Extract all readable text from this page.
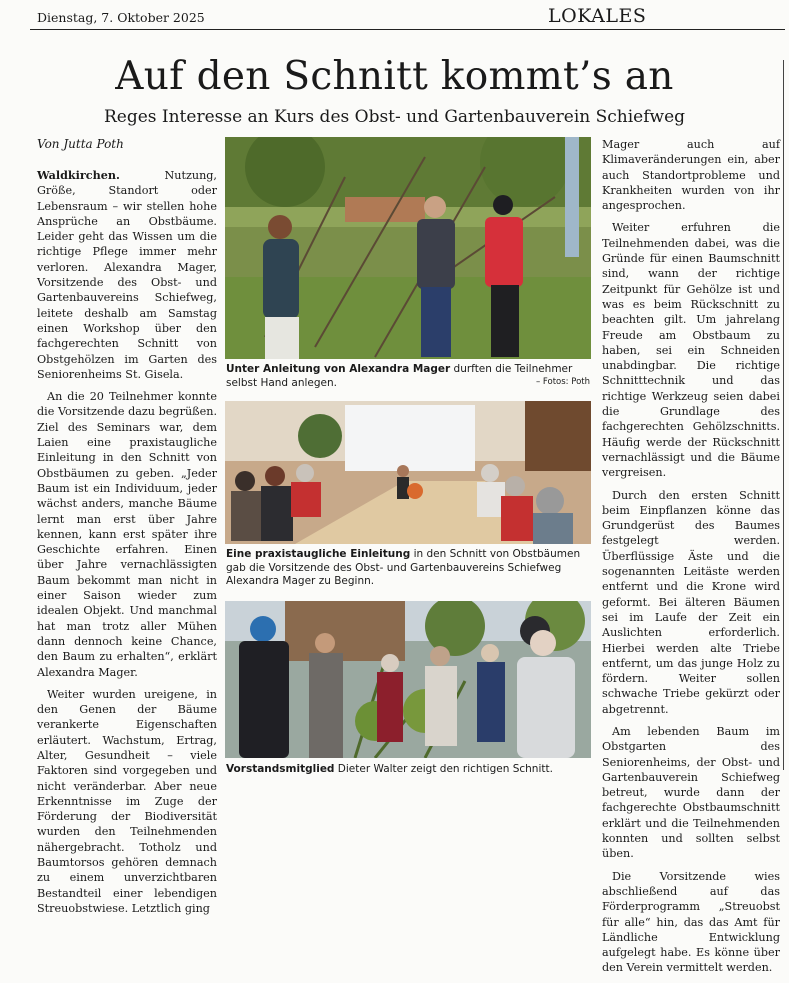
Dienstag, 7. Oktober 2025	LOKALES
Auf den Schnitt kommt’s an
Reges Interesse an Kurs des Obst- und Gartenbauverein Schiefweg
Von Jutta Poth

Waldkirchen. Nutzung, Größe, Standort oder Lebensraum – wir stellen hohe Ansprüche an Obstbäume. Leider geht das Wissen um die richtige Pflege immer mehr verloren. Alexandra Mager, Vorsitzende des Obst- und Gartenbauvereins Schiefweg, leitete deshalb am Samstag einen Workshop über den fachgerechten Schnitt von Obstgehölzen im Garten des Seniorenheims St. Gisela.

An die 20 Teilnehmer konnte die Vorsitzende dazu begrüßen. Ziel des Seminars war, dem Laien eine praxistaugliche Einleitung in den Schnitt von Obstbäumen zu geben. „Jeder Baum ist ein Individuum, jeder wächst anders, manche Bäume lernt man erst über Jahre kennen, kann erst später ihre Geschichte erfahren. Einen über Jahre vernachlässigten Baum bekommt man nicht in einer Saison wieder zum idealen Objekt. Und manchmal hat man trotz aller Mühen dann dennoch keine Chance, den Baum zu erhalten“, erklärt Alexandra Mager.

Weiter wurden ureigene, in den Genen der Bäume verankerte Eigenschaften erläutert. Wachstum, Ertrag, Alter, Gesundheit – viele Faktoren sind vorgegeben und nicht veränderbar. Aber neue Erkenntnisse im Zuge der Förderung der Biodiversität wurden den Teilnehmenden nähergebracht. Totholz und Baumtorsos gehören demnach zu einem unverzichtbaren Bestandteil einer lebendigen Streuobstwiese. Letztlich ging

Mager auch auf Klimaveränderungen ein, aber auch Standortprobleme und Krankheiten wurden von ihr angesprochen.

Weiter erfuhren die Teilnehmenden dabei, was die Gründe für einen Baumschnitt sind, wann der richtige Zeitpunkt für Gehölze ist und was es beim Rückschnitt zu beachten gilt. Um jahrelang Freude am Obstbaum zu haben, sei ein Schneiden unabdingbar. Die richtige Schnitttechnik und das richtige Werkzeug seien dabei die Grundlage des fachgerechten Gehölzschnitts. Häufig werde der Rückschnitt vernachlässigt und die Bäume vergreisen.

Durch den ersten Schnitt beim Einpflanzen könne das Grundgerüst des Baumes festgelegt werden. Überflüssige Äste und die sogenannten Leitäste werden entfernt und die Krone wird geformt. Bei älteren Bäumen sei im Laufe der Zeit ein Auslichten erforderlich. Hierbei werden alte Triebe entfernt, um das junge Holz zu fördern. Weiter sollen schwache Triebe gekürzt oder abgetrennt.

Am lebenden Baum im Obstgarten des Seniorenheims, der Obst- und Gartenbauverein Schiefweg betreut, wurde dann der fachgerechte Obstbaumschnitt erklärt und die Teilnehmenden konnten und sollten selbst üben.

Die Vorsitzende wies abschließend auf das Förderprogramm „Streuobst für alle“ hin, das das Amt für Ländliche Entwicklung aufgelegt habe. Es könne über den Verein vermittelt werden.

Unter Anleitung von Alexandra Mager durften die Teilnehmer selbst Hand anlegen.	– Fotos: Poth
Eine praxistaugliche Einleitung in den Schnitt von Obstbäumen gab die Vorsitzende des Obst- und Gartenbauvereins Schiefweg Alexandra Mager zu Beginn.
Vorstandsmitglied Dieter Walter zeigt den richtigen Schnitt.
